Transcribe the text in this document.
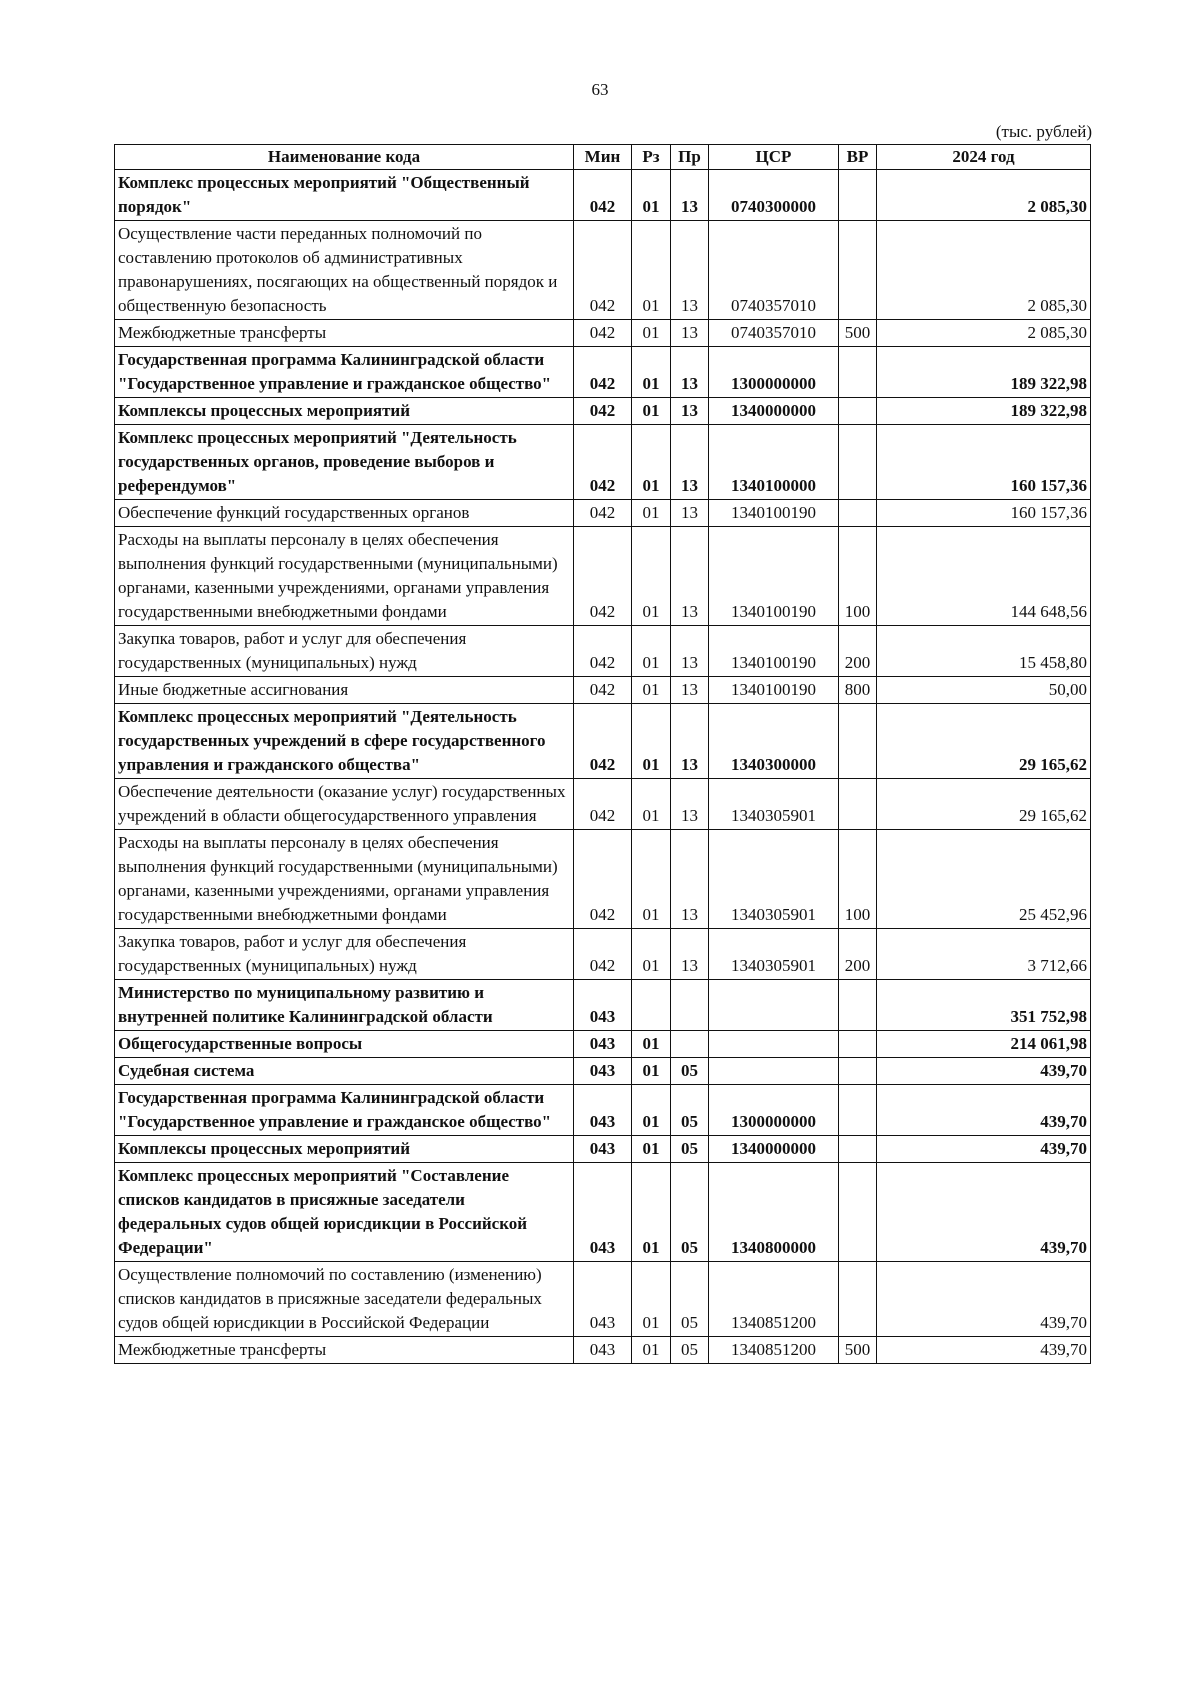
63
(тыс. рублей)
Наименование кода	Мин	Рз	Пр	ЦСР	ВР	2024 год
Комплекс процессных мероприятий "Общественный порядок"	042	01	13	0740300000		2 085,30
Осуществление части переданных полномочий по составлению протоколов об административных правонарушениях, посягающих на общественный порядок и общественную безопасность	042	01	13	0740357010		2 085,30
Межбюджетные трансферты	042	01	13	0740357010	500	2 085,30
Государственная программа Калининградской области "Государственное управление и гражданское общество"	042	01	13	1300000000		189 322,98
Комплексы процессных мероприятий	042	01	13	1340000000		189 322,98
Комплекс процессных мероприятий "Деятельность государственных органов, проведение выборов и референдумов"	042	01	13	1340100000		160 157,36
Обеспечение функций государственных органов	042	01	13	1340100190		160 157,36
Расходы на выплаты персоналу в целях обеспечения выполнения функций государственными (муниципальными) органами, казенными учреждениями, органами управления государственными внебюджетными фондами	042	01	13	1340100190	100	144 648,56
Закупка товаров, работ и услуг для обеспечения государственных (муниципальных) нужд	042	01	13	1340100190	200	15 458,80
Иные бюджетные ассигнования	042	01	13	1340100190	800	50,00
Комплекс процессных мероприятий "Деятельность государственных учреждений в сфере государственного управления и гражданского общества"	042	01	13	1340300000		29 165,62
Обеспечение деятельности (оказание услуг) государственных учреждений в области общегосударственного управления	042	01	13	1340305901		29 165,62
Расходы на выплаты персоналу в целях обеспечения выполнения функций государственными (муниципальными) органами, казенными учреждениями, органами управления государственными внебюджетными фондами	042	01	13	1340305901	100	25 452,96
Закупка товаров, работ и услуг для обеспечения государственных (муниципальных) нужд	042	01	13	1340305901	200	3 712,66
Министерство по муниципальному развитию и внутренней политике Калининградской области	043					351 752,98
Общегосударственные вопросы	043	01				214 061,98
Судебная система	043	01	05			439,70
Государственная программа Калининградской области "Государственное управление и гражданское общество"	043	01	05	1300000000		439,70
Комплексы процессных мероприятий	043	01	05	1340000000		439,70
Комплекс процессных мероприятий "Составление списков кандидатов в присяжные заседатели федеральных судов общей юрисдикции в Российской Федерации"	043	01	05	1340800000		439,70
Осуществление полномочий по составлению (изменению) списков кандидатов в присяжные заседатели федеральных судов общей юрисдикции в Российской Федерации	043	01	05	1340851200		439,70
Межбюджетные трансферты	043	01	05	1340851200	500	439,70
